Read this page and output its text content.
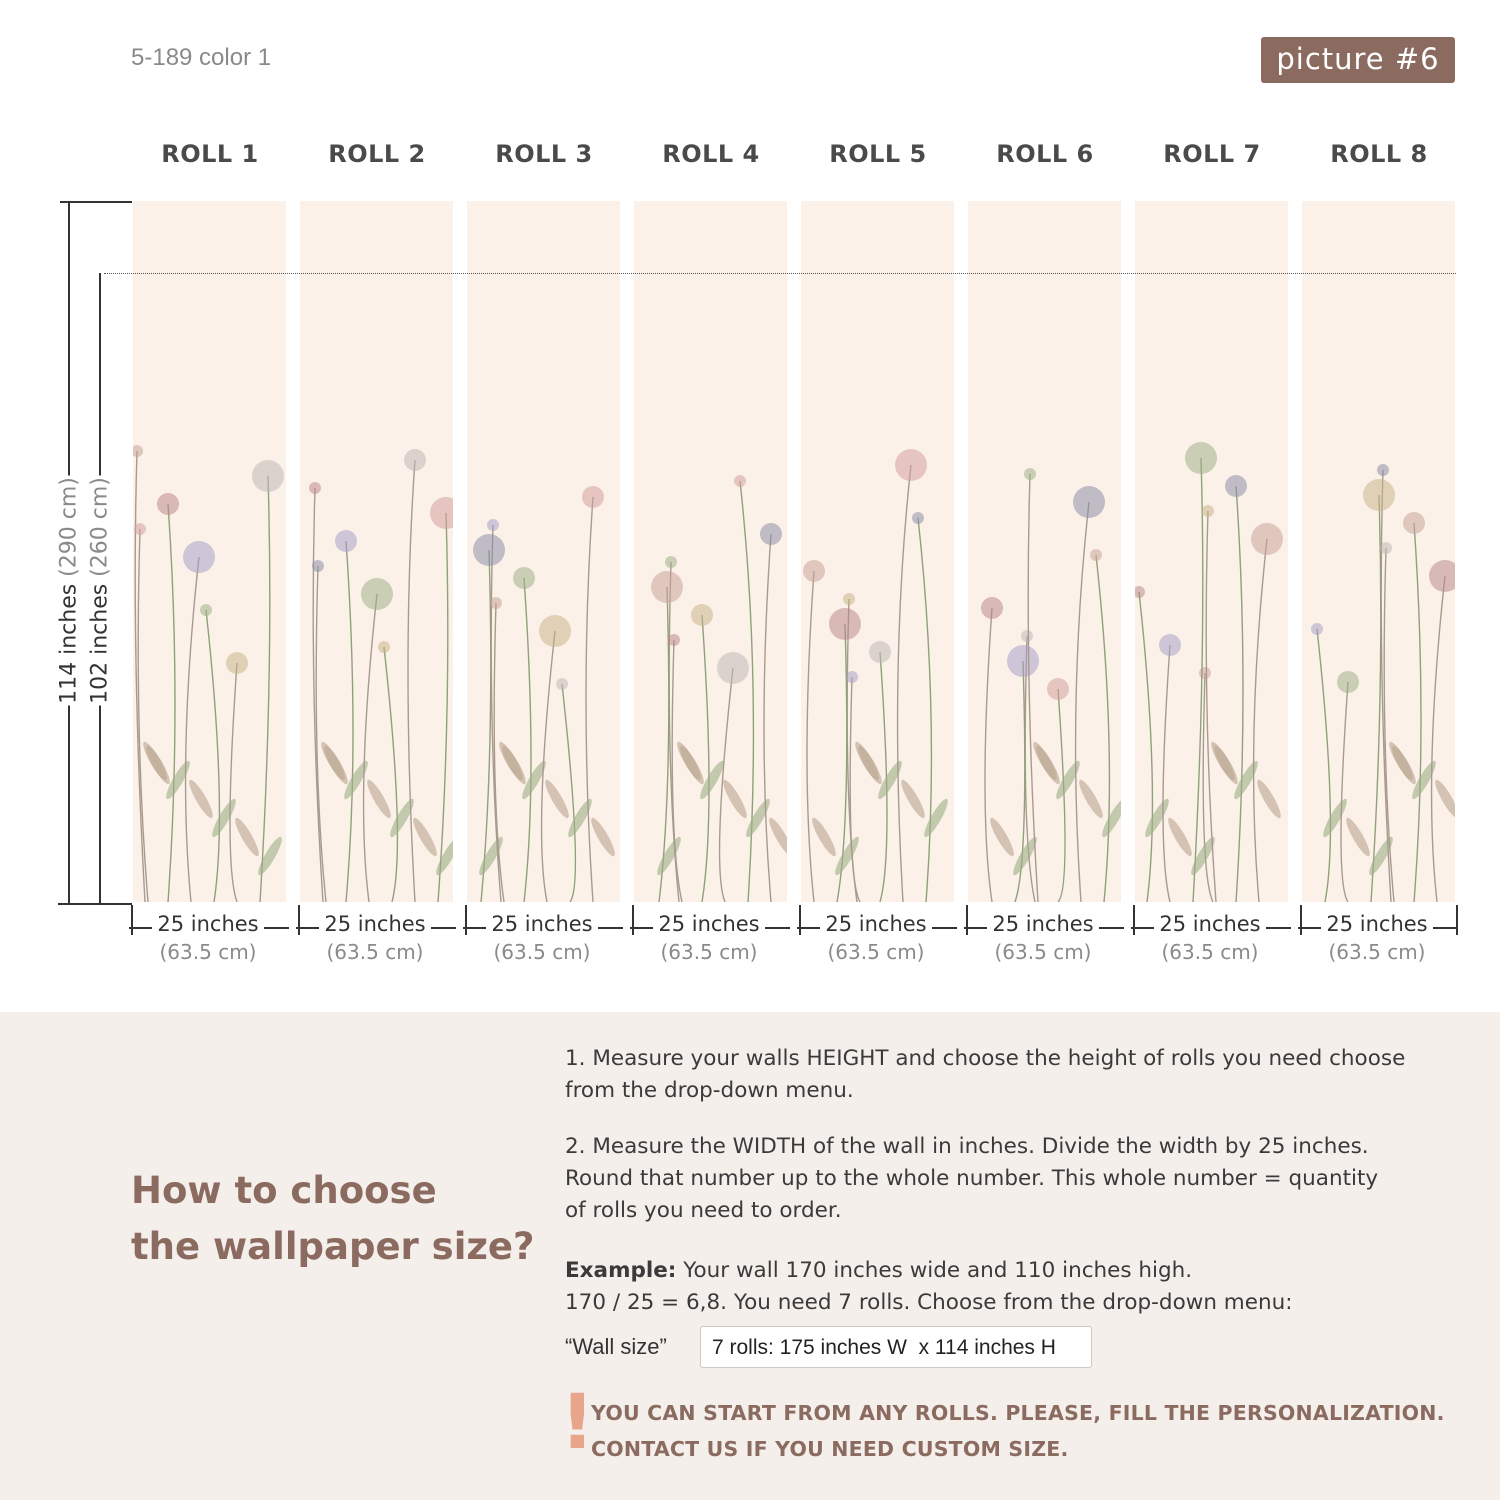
5-189 color 1	picture #6
ROLL 1	ROLL 2	ROLL 3	ROLL 4	ROLL 5	ROLL 6	ROLL 7	ROLL 8
114 inches (290 cm)
102 inches (260 cm)
25 inches
(63.5 cm)
25 inches
(63.5 cm)
25 inches
(63.5 cm)
25 inches
(63.5 cm)
25 inches
(63.5 cm)
25 inches
(63.5 cm)
25 inches
(63.5 cm)
25 inches
(63.5 cm)
How to choose
the wallpaper size?
1. Measure your walls HEIGHT and choose the height of rolls you need choose
from the drop-down menu.
2. Measure the WIDTH of the wall in inches. Divide the width by 25 inches.
Round that number up to the whole number. This whole number = quantity
of rolls you need to order.
Example: Your wall 170 inches wide and 110 inches high.
170 / 25 = 6,8. You need 7 rolls. Choose from the drop-down menu:
“Wall size”	7 rolls: 175 inches W  x 114 inches H
!
YOU CAN START FROM ANY ROLLS. PLEASE, FILL THE PERSONALIZATION.
CONTACT US IF YOU NEED CUSTOM SIZE.
